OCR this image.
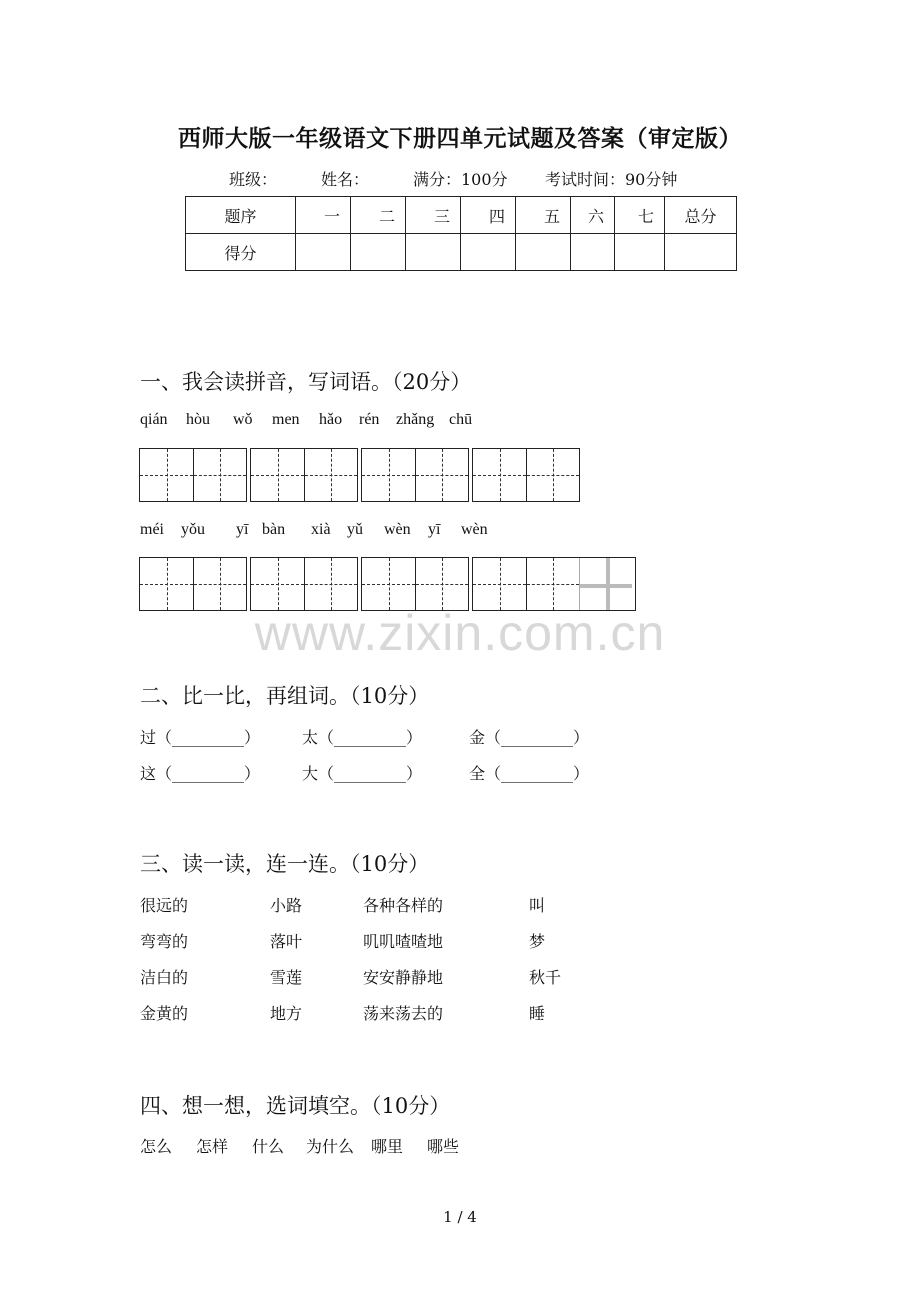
西师大版一年级语文下册四单元试题及答案（审定版）
班级：	姓名：	满分：100分 考试时间：90分钟
题序	一	二	三	四	五	六	七	总分
得分								
一、我会读拼音，写词语。（20分）
qián hòu wǒ men hǎo rén zhǎng chū
méi yǒu yī bàn xià yǔ wèn yī wèn
www.zixin.com.cn
二、比一比，再组词。（10分）
过（_________）	太（_________）	金（_________）
这（_________）	大（_________）	全（_________）
三、读一读，连一连。（10分）
很远的	小路	各种各样的	叫
弯弯的	落叶	叽叽喳喳地	梦
洁白的	雪莲	安安静静地	秋千
金黄的	地方	荡来荡去的	睡
四、想一想，选词填空。（10分）
怎么 怎样 什么 为什么 哪里 哪些
1 / 4
